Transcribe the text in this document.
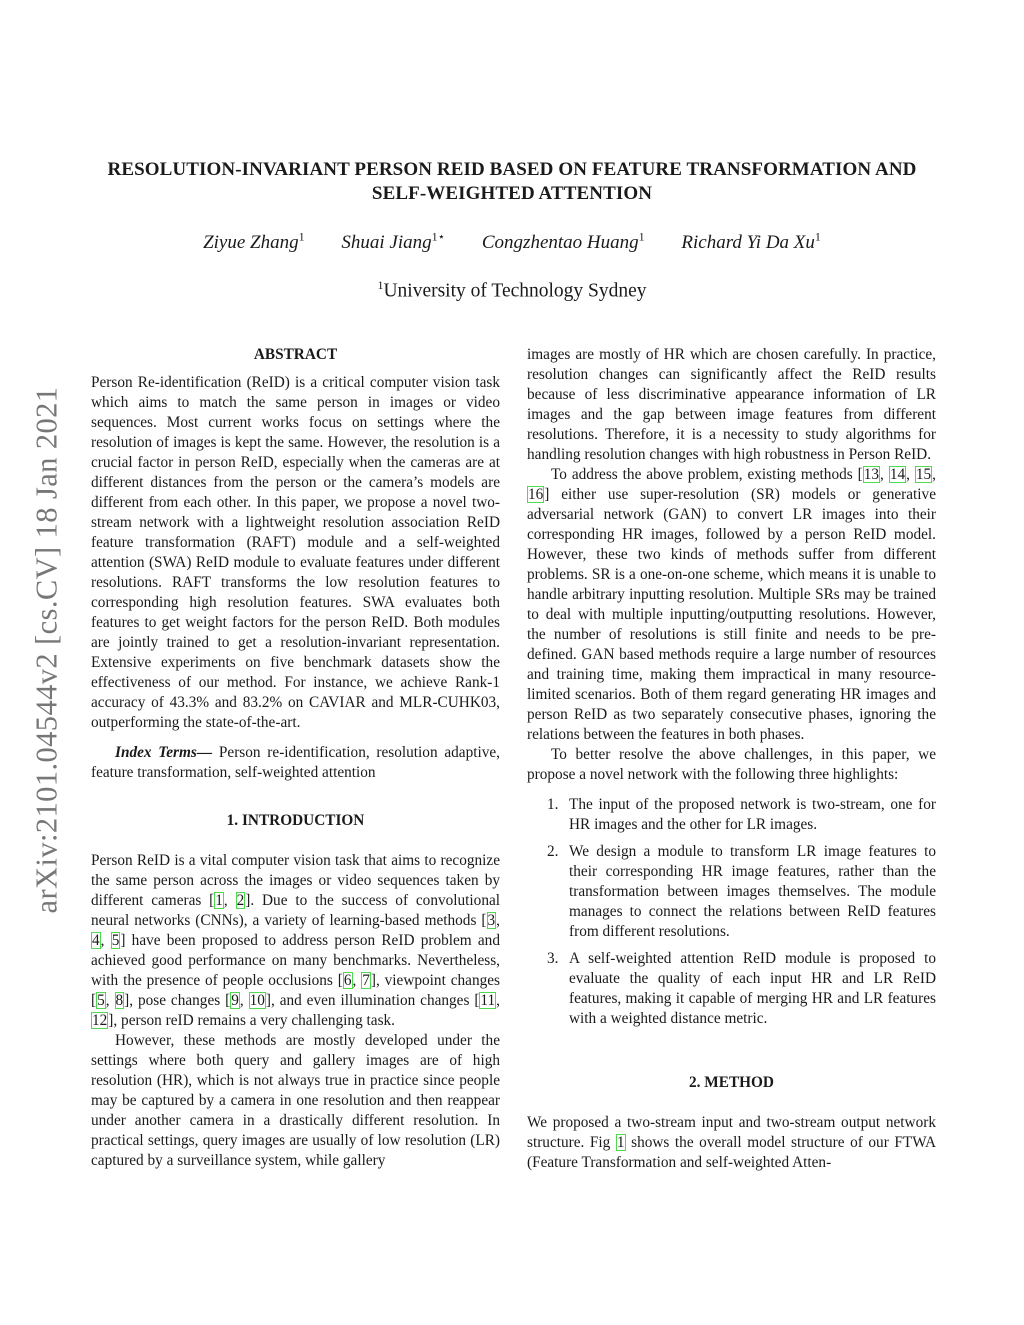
arXiv:2101.04544v2 [cs.CV] 18 Jan 2021
RESOLUTION-INVARIANT PERSON REID BASED ON FEATURE TRANSFORMATION AND
SELF-WEIGHTED ATTENTION
Ziyue Zhang$^1$ Shuai Jiang$^{1⋆}$ Congzhentao Huang$^1$ Richard Yi Da Xu$^1$
$^1$University of Technology Sydney
ABSTRACT

Person Re-identification (ReID) is a critical computer vision task which aims to match the same person in images or video sequences. Most current works focus on settings where the resolution of images is kept the same. However, the resolution is a crucial factor in person ReID, especially when the cameras are at different distances from the person or the camera’s models are different from each other. In this paper, we propose a novel two-stream network with a lightweight resolution association ReID feature transformation (RAFT) module and a self-weighted attention (SWA) ReID module to evaluate features under different resolutions. RAFT transforms the low resolution features to corresponding high resolution features. SWA evaluates both features to get weight factors for the person ReID. Both modules are jointly trained to get a resolution-invariant representation. Extensive experiments on five benchmark datasets show the effectiveness of our method. For instance, we achieve Rank-1 accuracy of 43.3% and 83.2% on CAVIAR and MLR-CUHK03, outperforming the state-of-the-art.

Index Terms— Person re-identification, resolution adaptive, feature transformation, self-weighted attention

1. INTRODUCTION

Person ReID is a vital computer vision task that aims to recognize the same person across the images or video sequences taken by different cameras [1, 2]. Due to the success of convolutional neural networks (CNNs), a variety of learning-based methods [3, 4, 5] have been proposed to address person ReID problem and achieved good performance on many benchmarks. Nevertheless, with the presence of people occlusions [6, 7], viewpoint changes [5, 8], pose changes [9, 10], and even illumination changes [11, 12], person reID remains a very challenging task.

However, these methods are mostly developed under the settings where both query and gallery images are of high resolution (HR), which is not always true in practice since people may be captured by a camera in one resolution and then reappear under another camera in a drastically different resolution. In practical settings, query images are usually of low resolution (LR) captured by a surveillance system, while gallery

images are mostly of HR which are chosen carefully. In practice, resolution changes can significantly affect the ReID results because of less discriminative appearance information of LR images and the gap between image features from different resolutions. Therefore, it is a necessity to study algorithms for handling resolution changes with high robustness in Person ReID.

To address the above problem, existing methods [13, 14, 15, 16] either use super-resolution (SR) models or generative adversarial network (GAN) to convert LR images into their corresponding HR images, followed by a person ReID model. However, these two kinds of methods suffer from different problems. SR is a one-on-one scheme, which means it is unable to handle arbitrary inputting resolution. Multiple SRs may be trained to deal with multiple inputting/outputting resolutions. However, the number of resolutions is still finite and needs to be pre-defined. GAN based methods require a large number of resources and training time, making them impractical in many resource-limited scenarios. Both of them regard generating HR images and person ReID as two separately consecutive phases, ignoring the relations between the features in both phases.

To better resolve the above challenges, in this paper, we propose a novel network with the following three highlights:

1. The input of the proposed network is two-stream, one for HR images and the other for LR images.
2. We design a module to transform LR image features to their corresponding HR image features, rather than the transformation between images themselves. The module manages to connect the relations between ReID features from different resolutions.
3. A self-weighted attention ReID module is proposed to evaluate the quality of each input HR and LR ReID features, making it capable of merging HR and LR features with a weighted distance metric.
2. METHOD

We proposed a two-stream input and two-stream output network structure. Fig 1 shows the overall model structure of our FTWA (Feature Transformation and self-weighted Atten-
